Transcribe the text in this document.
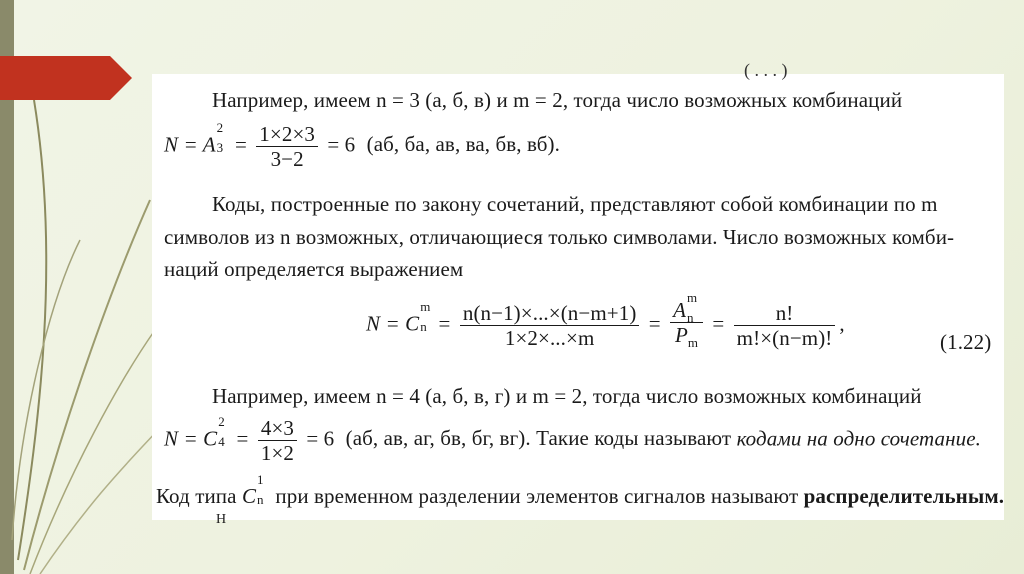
( . . . )
Например, имеем n = 3 (а, б, в) и m = 2, тогда число возможных комбинаций
N = A
2
$3 = \frac{1\times 2\times 3}{3-2} = 6$ (аб, ба, ав, ва, бв, вб).
Коды, построенные по закону сочетаний, представляют собой комбинации по m
символов из n возможных, отличающиеся только символами. Число возможных комби-
наций определяется выражением
N = C
m
$n = \frac{n(n-1)\times...\times(n-m+1)}{1\times 2\times...\times m} = A$
m
n
$P_m = \frac{n!}{m!\times(n-m)!}$ ,
(1.22)
Например, имеем n = 4 (а, б, в, г) и m = 2, тогда число возможных комбинаций
N = C
2
$4 = \frac{4\times 3}{1\times 2} = 6$ (аб, ав, аг, бв, бг, вг). Такие коды называют кодами на одно сочетание.
Код типа C
1
n при временном разделении элементов сигналов называют распределительным.
Н
